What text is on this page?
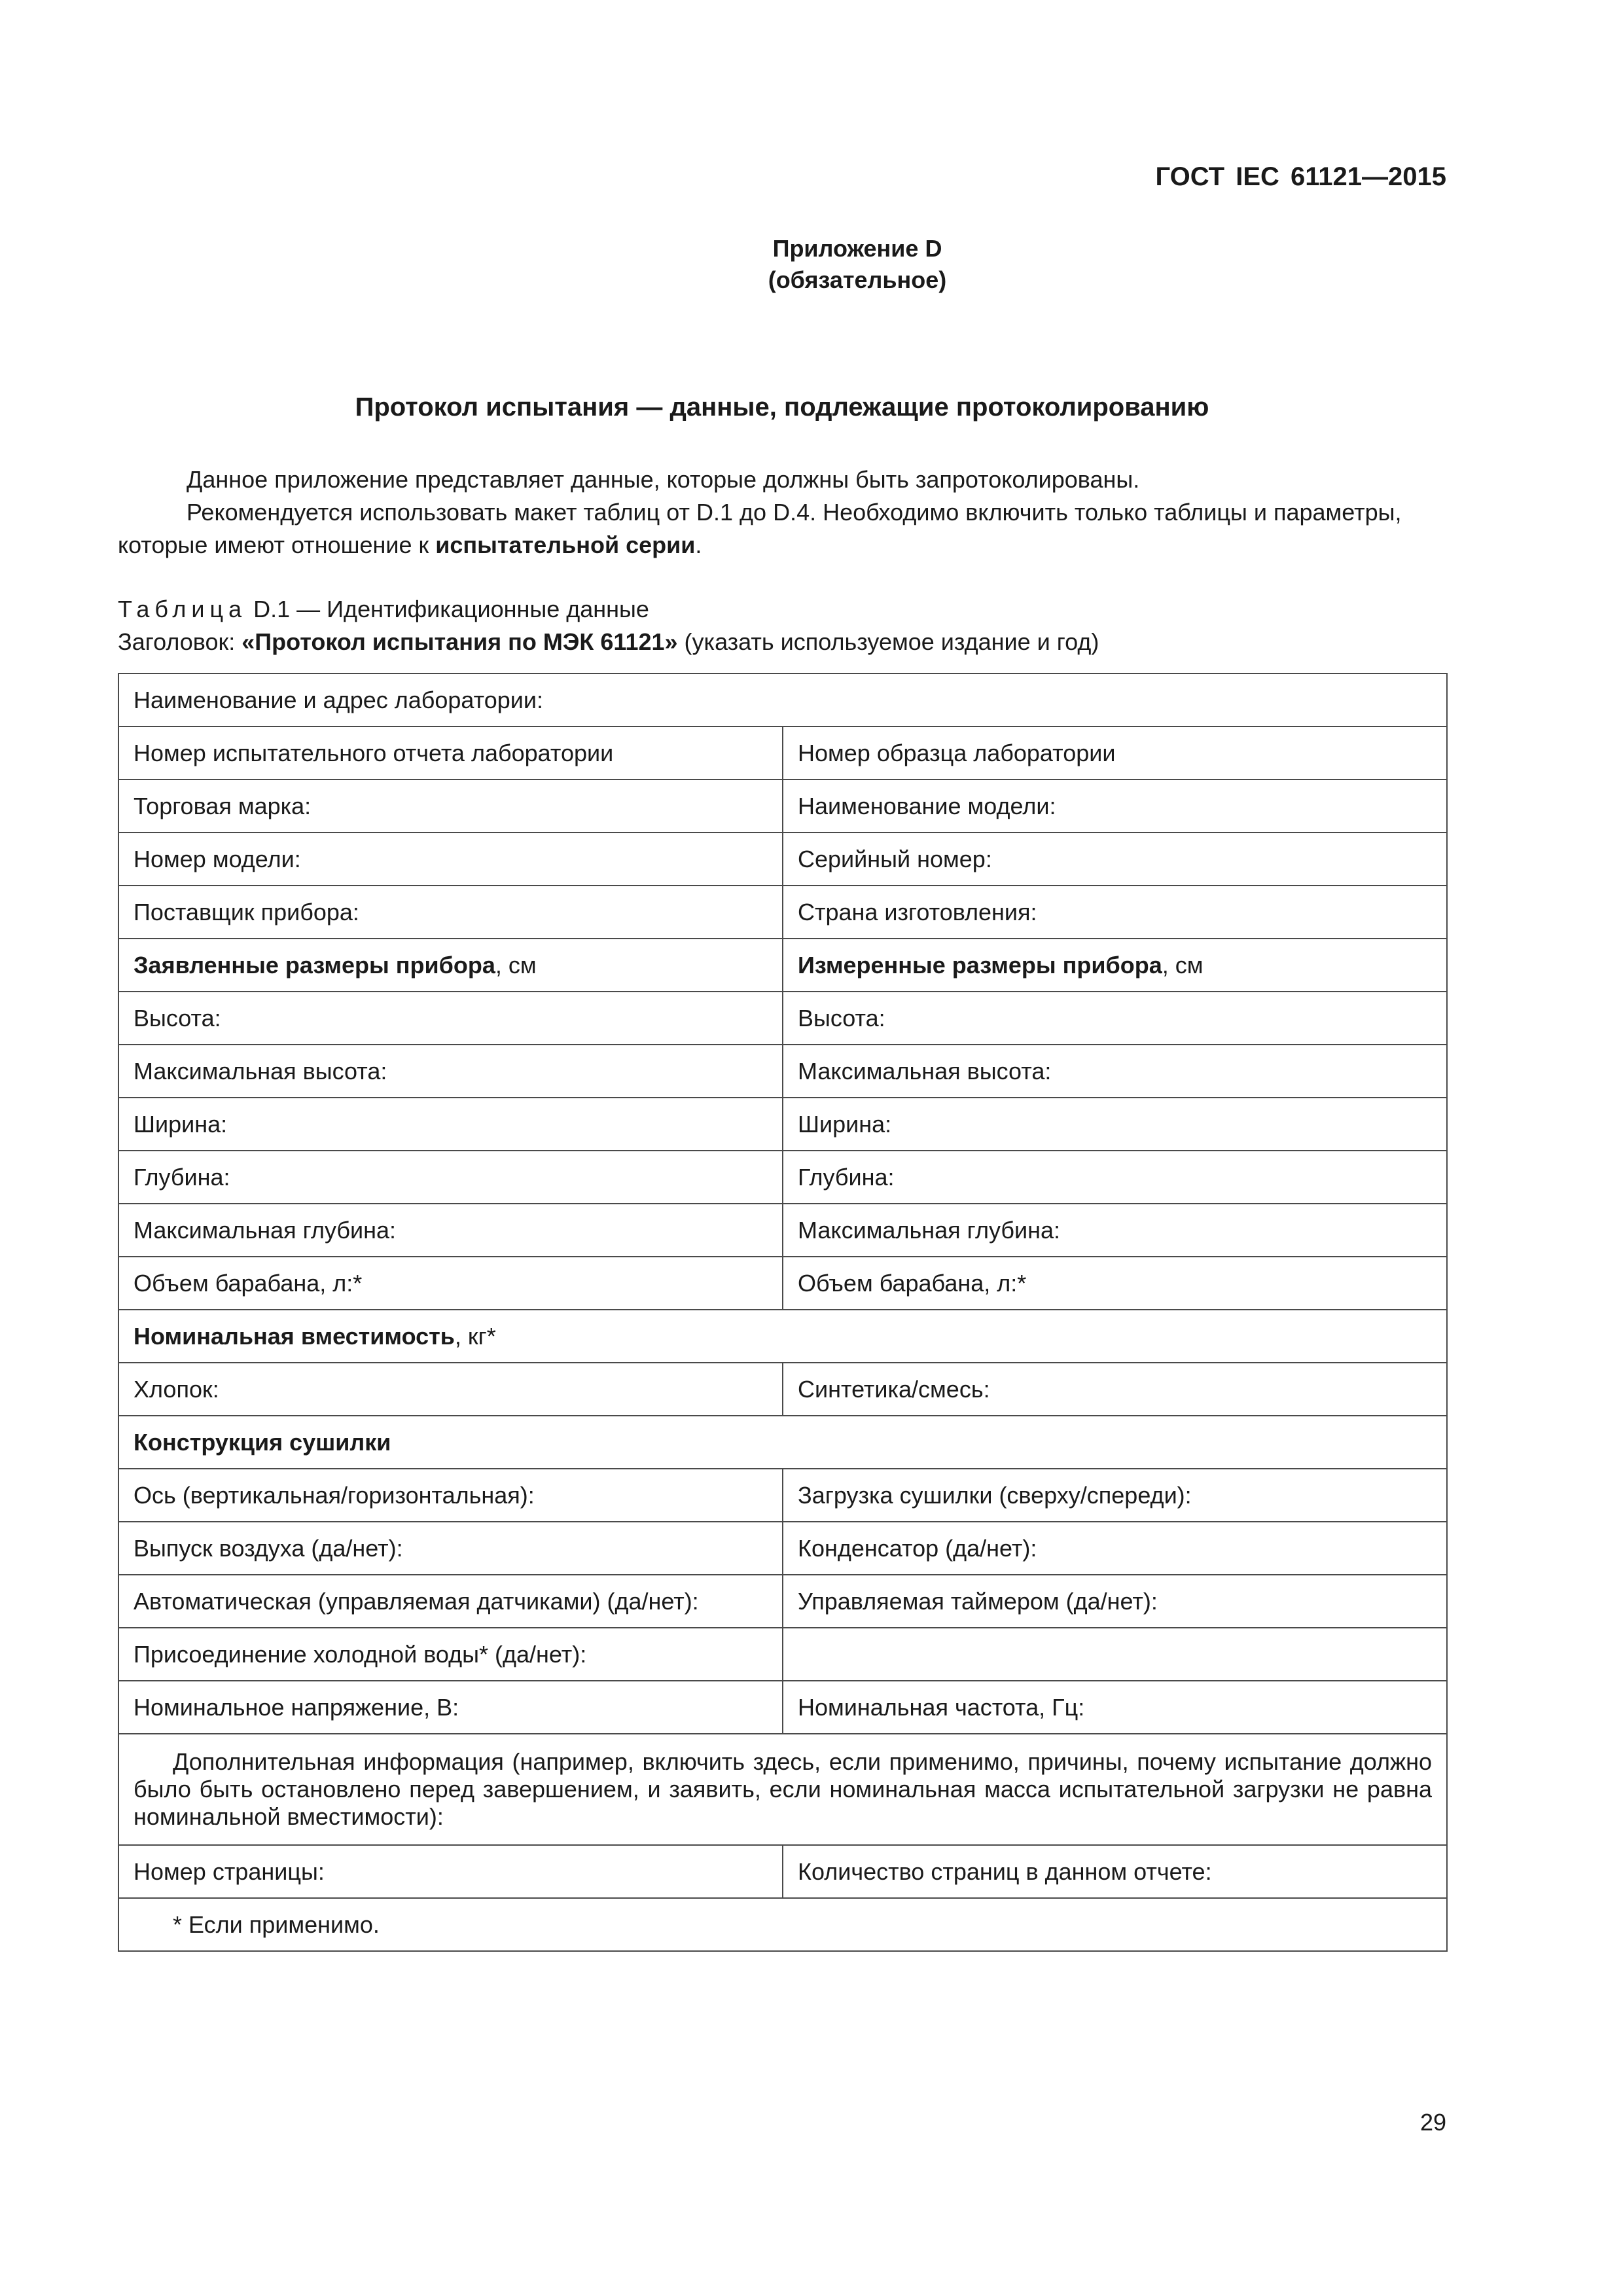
ГОСТ IEC 61121—2015
Приложение D
(обязательное)
Протокол испытания — данные, подлежащие протоколированию

Данное приложение представляет данные, которые должны быть запротоколированы.

Рекомендуется использовать макет таблиц от D.1 до D.4. Необходимо включить только таблицы и параметры, которые имеют отношение к испытательной серии.

Таблица D.1 — Идентификационные данные
Заголовок: «Протокол испытания по МЭК 61121» (указать используемое издание и год)
Наименование и адрес лаборатории:	
Номер испытательного отчета лаборатории	Номер образца лаборатории
Торговая марка:	Наименование модели:
Номер модели:	Серийный номер:
Поставщик прибора:	Страна изготовления:
Заявленные размеры прибора, см	Измеренные размеры прибора, см
Высота:	Высота:
Максимальная высота:	Максимальная высота:
Ширина:	Ширина:
Глубина:	Глубина:
Максимальная глубина:	Максимальная глубина:
Объем барабана, л:*	Объем барабана, л:*
Номинальная вместимость, кг*	
Хлопок:	Синтетика/смесь:
Конструкция сушилки	
Ось (вертикальная/горизонтальная):	Загрузка сушилки (сверху/спереди):
Выпуск воздуха (да/нет):	Конденсатор (да/нет):
Автоматическая (управляемая датчиками) (да/нет):	Управляемая таймером (да/нет):
Присоединение холодной воды* (да/нет):	
Номинальное напряжение, В:	Номинальная частота, Гц:
Дополнительная информация (например, включить здесь, если применимо, причины, почему испытание должно было быть остановлено перед завершением, и заявить, если номинальная масса испытательной загрузки не равна номинальной вместимости):	
Номер страницы:	Количество страниц в данном отчете:
* Если применимо.	
29
